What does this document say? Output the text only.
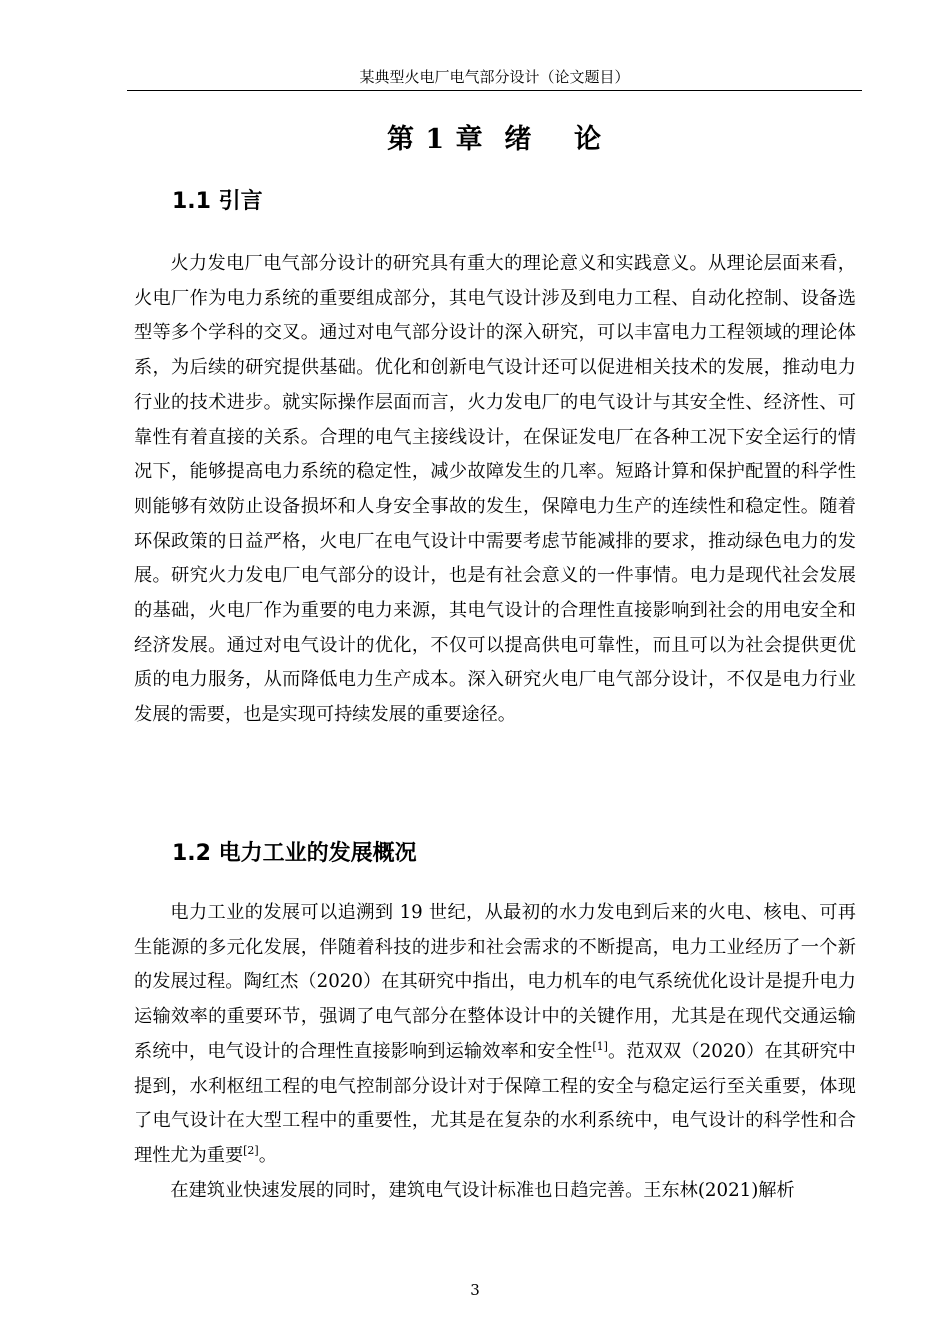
某典型火电厂电气部分设计（论文题目）
第 1 章  绪    论
1.1 引言

火力发电厂电气部分设计的研究具有重大的理论意义和实践意义。从理论层面来看，火电厂作为电力系统的重要组成部分，其电气设计涉及到电力工程、自动化控制、设备选型等多个学科的交叉。通过对电气部分设计的深入研究，可以丰富电力工程领域的理论体系，为后续的研究提供基础。优化和创新电气设计还可以促进相关技术的发展，推动电力行业的技术进步。就实际操作层面而言，火力发电厂的电气设计与其安全性、经济性、可靠性有着直接的关系。合理的电气主接线设计，在保证发电厂在各种工况下安全运行的情况下，能够提高电力系统的稳定性，减少故障发生的几率。短路计算和保护配置的科学性则能够有效防止设备损坏和人身安全事故的发生，保障电力生产的连续性和稳定性。随着环保政策的日益严格，火电厂在电气设计中需要考虑节能减排的要求，推动绿色电力的发展。研究火力发电厂电气部分的设计，也是有社会意义的一件事情。电力是现代社会发展的基础，火电厂作为重要的电力来源，其电气设计的合理性直接影响到社会的用电安全和经济发展。通过对电气设计的优化，不仅可以提高供电可靠性，而且可以为社会提供更优质的电力服务，从而降低电力生产成本。深入研究火电厂电气部分设计，不仅是电力行业发展的需要，也是实现可持续发展的重要途径。

1.2 电力工业的发展概况

电力工业的发展可以追溯到 19 世纪，从最初的水力发电到后来的火电、核电、可再生能源的多元化发展，伴随着科技的进步和社会需求的不断提高，电力工业经历了一个新的发展过程。陶红杰（2020）在其研究中指出，电力机车的电气系统优化设计是提升电力运输效率的重要环节，强调了电气部分在整体设计中的关键作用，尤其是在现代交通运输系统中，电气设计的合理性直接影响到运输效率和安全性[1]。范双双（2020）在其研究中提到，水利枢纽工程的电气控制部分设计对于保障工程的安全与稳定运行至关重要，体现了电气设计在大型工程中的重要性，尤其是在复杂的水利系统中，电气设计的科学性和合理性尤为重要[2]。

在建筑业快速发展的同时，建筑电气设计标准也日趋完善。王东林(2021)解析

3
